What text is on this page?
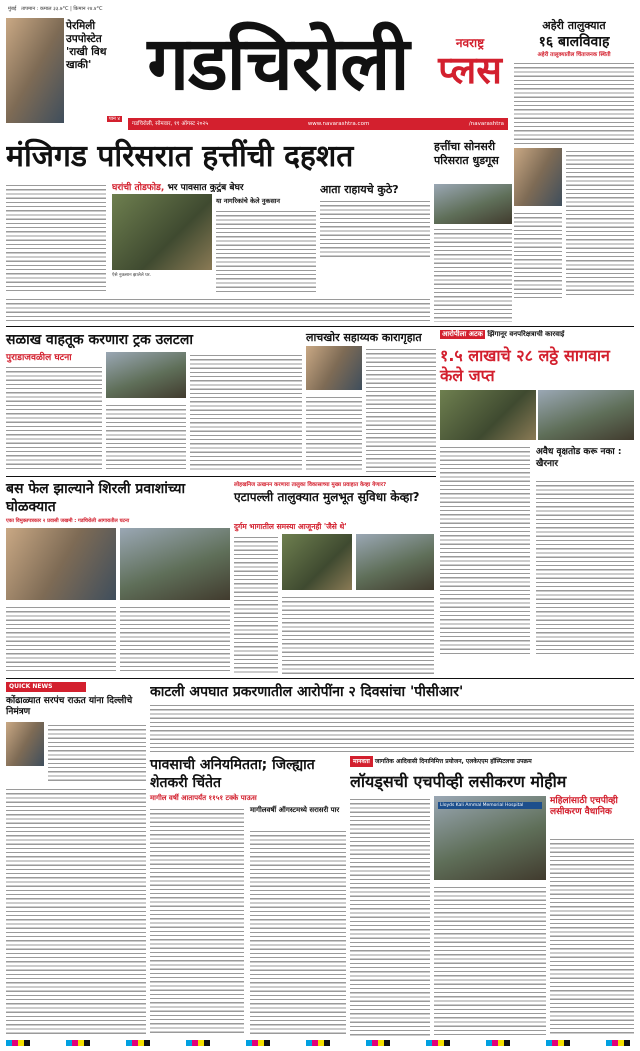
मुंबई तापमान : कमाल ३३.७°C | किमान २४.४°C
पेरमिली उपपोस्टेत 'राखी विथ खाकी'
पान ४
गडचिरोली	नवराष्ट्र
प्लस
गडचिरोली, सोमवार, ११ ऑगस्ट २०२५	www.navarashtra.com	/navarashtra
अहेरी तालुक्यात
१६ बालविवाह
अहेरी तालुक्यातील चिंताजनक स्थिती
मंजिगड परिसरात हत्तींची दहशत
घरांची तोडफोड, भर पावसात कुटुंब बेघर
या नागरिकांचे केले नुकसान
ऐसे नुकसान झालेले घर.
आता राहायचे कुठे?
हत्तींचा सोनसरी परिसरात धुडगूस
सळाख वाहतूक करणारा ट्रक उलटला
पुराडाजवळील घटना
लाचखोर सहाय्यक कारागृहात	आरोपीला अटक झिंगानूर वनपरिक्षत्राची कारवाई
१.५ लाखाचे २८ लठ्ठे सागवान केले जप्त
अवैध वृक्षतोड करू नका : खैरनार
बस फेल झाल्याने शिरली प्रवाशांच्या घोळक्यात
एका विमुक्तपत्रकार २ प्रवासी जखमी : गडचिरोली आगारातील घटना
लोहखनिज उत्खनन करणारा तालुका विकासाच्या मुख्य प्रवाहात केव्हा येणार?
एटापल्ली तालुक्यात मुलभूत सुविधा केव्हा?
दुर्गम भागातील समस्या आजूनही 'जैसे थे'
काटली अपघात प्रकरणातील आरोपींना २ दिवसांचा 'पीसीआर'
QUICK NEWS
कोंढाळ्यात सरपंच राऊत यांना दिल्लीचे निमंत्रण
पावसाची अनियमितता; जिल्ह्यात शेतकरी चिंतेत
मागील वर्षी आतापर्यंत ११५१ टक्के पाऊस
मागीलवर्षी ऑगस्टमध्ये सरासरी पार
मानवता जागतिक आदिवासी दिनानिमित्त प्रयोजन, एलकेएएम हॉस्पिटलचा उपक्रम
लॉयड्सची एचपीव्ही लसीकरण मोहीम
Lloyds Kali Ammal Memorial Hospital	महिलांसाठी एचपीव्ही लसीकरण वैधानिक
